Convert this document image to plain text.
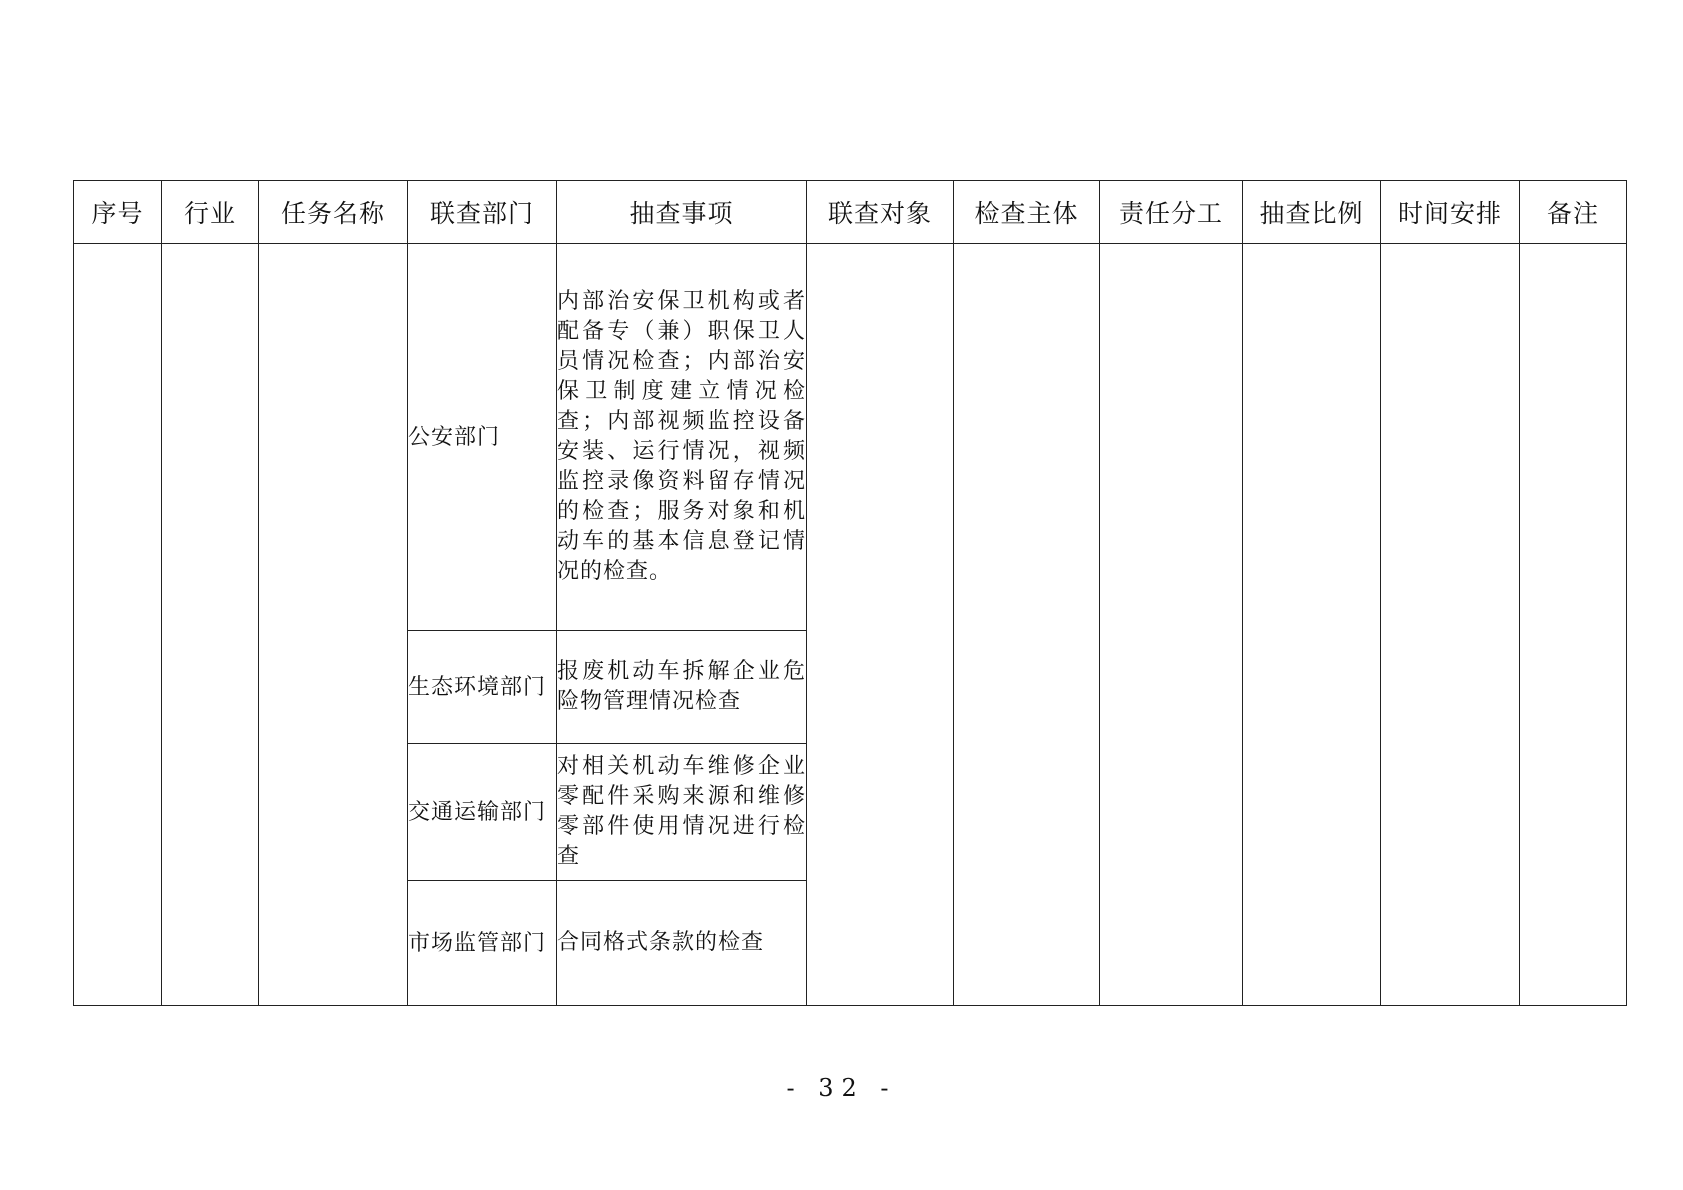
序号	行业	任务名称	联查部门	抽查事项	联查对象	检查主体	责任分工	抽查比例	时间安排	备注
			公安部门	内部治安保卫机构或者配备专（兼）职保卫人员情况检查；内部治安保卫制度建立情况检查；内部视频监控设备安装、运行情况，视频监控录像资料留存情况的检查；服务对象和机动车的基本信息登记情况的检查。						
			生态环境部门	报废机动车拆解企业危险物管理情况检查						
			交通运输部门	对相关机动车维修企业零配件采购来源和维修零部件使用情况进行检查						
			市场监管部门	合同格式条款的检查						
- 32 -
